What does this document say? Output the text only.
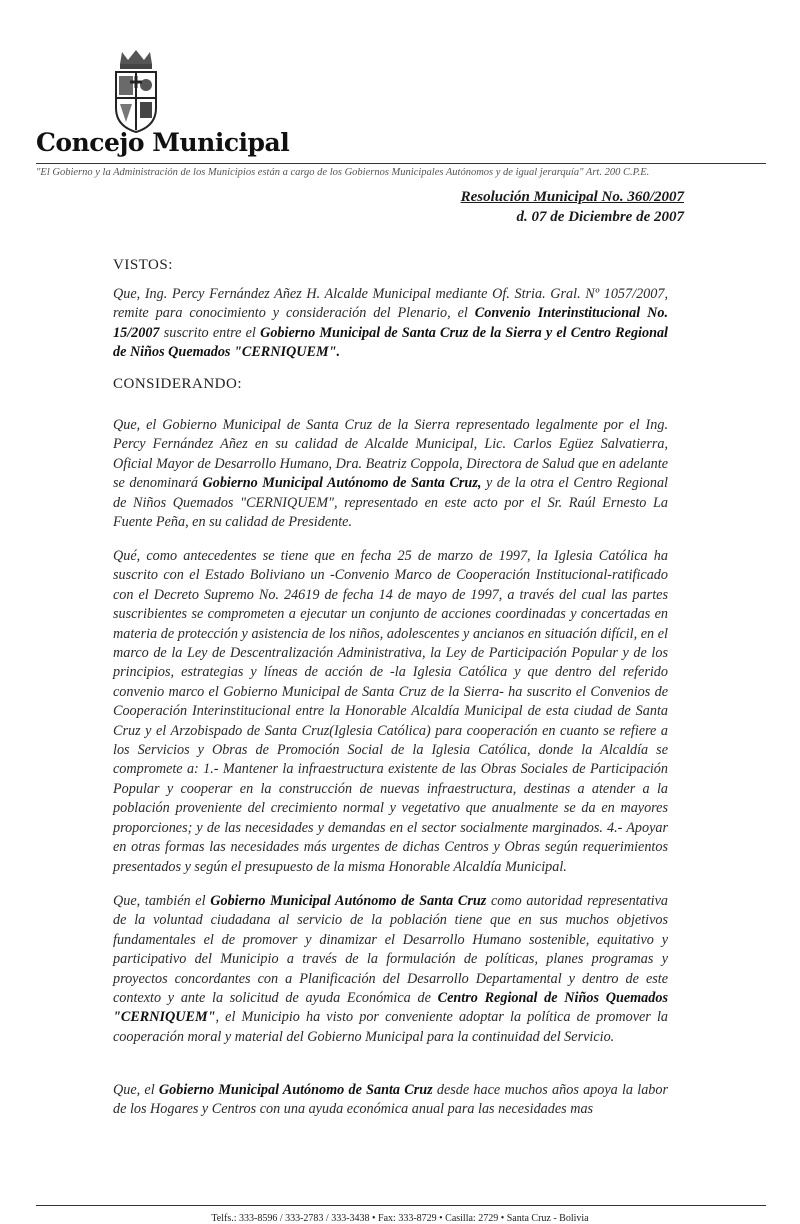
Concejo Municipal
"El Gobierno y la Administración de los Municipios están a cargo de los Gobiernos Municipales Autónomos y de igual jerarquía" Art. 200 C.P.E.
Resolución Municipal No. 360/2007
d. 07 de Diciembre de 2007
VISTOS:

Que, Ing. Percy Fernández Añez H. Alcalde Municipal mediante Of. Stria. Gral. Nº 1057/2007, remite para conocimiento y consideración del Plenario, el Convenio Interinstitucional No. 15/2007 suscrito entre el Gobierno Municipal de Santa Cruz de la Sierra y el Centro Regional de Niños Quemados "CERNIQUEM".

CONSIDERANDO:

Que, el Gobierno Municipal de Santa Cruz de la Sierra representado legalmente por el Ing. Percy Fernández Añez en su calidad de Alcalde Municipal, Lic. Carlos Egüez Salvatierra, Oficial Mayor de Desarrollo Humano, Dra. Beatriz Coppola, Directora de Salud que en adelante se denominará Gobierno Municipal Autónomo de Santa Cruz, y de la otra el Centro Regional de Niños Quemados "CERNIQUEM", representado en este acto por el Sr. Raúl Ernesto La Fuente Peña, en su calidad de Presidente.

Qué, como antecedentes se tiene que en fecha 25 de marzo de 1997, la Iglesia Católica ha suscrito con el Estado Boliviano un -Convenio Marco de Cooperación Institucional-ratificado con el Decreto Supremo No. 24619 de fecha 14 de mayo de 1997, a través del cual las partes suscribientes se comprometen a ejecutar un conjunto de acciones coordinadas y concertadas en materia de protección y asistencia de los niños, adolescentes y ancianos en situación difícil, en el marco de la Ley de Descentralización Administrativa, la Ley de Participación Popular y de los principios, estrategias y líneas de acción de -la Iglesia Católica y que dentro del referido convenio marco el Gobierno Municipal de Santa Cruz de la Sierra- ha suscrito el Convenios de Cooperación Interinstitucional entre la Honorable Alcaldía Municipal de esta ciudad de Santa Cruz y el Arzobispado de Santa Cruz(Iglesia Católica) para cooperación en cuanto se refiere a los Servicios y Obras de Promoción Social de la Iglesia Católica, donde la Alcaldía se compromete a: 1.- Mantener la infraestructura existente de las Obras Sociales de Participación Popular y cooperar en la construcción de nuevas infraestructura, destinas a atender a la población proveniente del crecimiento normal y vegetativo que anualmente se da en mayores proporciones; y de las necesidades y demandas en el sector socialmente marginados. 4.- Apoyar en otras formas las necesidades más urgentes de dichas Centros y Obras según requerimientos presentados y según el presupuesto de la misma Honorable Alcaldía Municipal.

Que, también el Gobierno Municipal Autónomo de Santa Cruz como autoridad representativa de la voluntad ciudadana al servicio de la población tiene que en sus muchos objetivos fundamentales el de promover y dinamizar el Desarrollo Humano sostenible, equitativo y participativo del Municipio a través de la formulación de políticas, planes programas y proyectos concordantes con a Planificación del Desarrollo Departamental y dentro de este contexto y ante la solicitud de ayuda Económica de Centro Regional de Niños Quemados "CERNIQUEM", el Municipio ha visto por conveniente adoptar la política de promover la cooperación moral y material del Gobierno Municipal para la continuidad del Servicio.

Que, el Gobierno Municipal Autónomo de Santa Cruz desde hace muchos años apoya la labor de los Hogares y Centros con una ayuda económica anual para las necesidades mas

Telfs.: 333-8596 / 333-2783 / 333-3438 • Fax: 333-8729 • Casilla: 2729 • Santa Cruz - Bolivia
